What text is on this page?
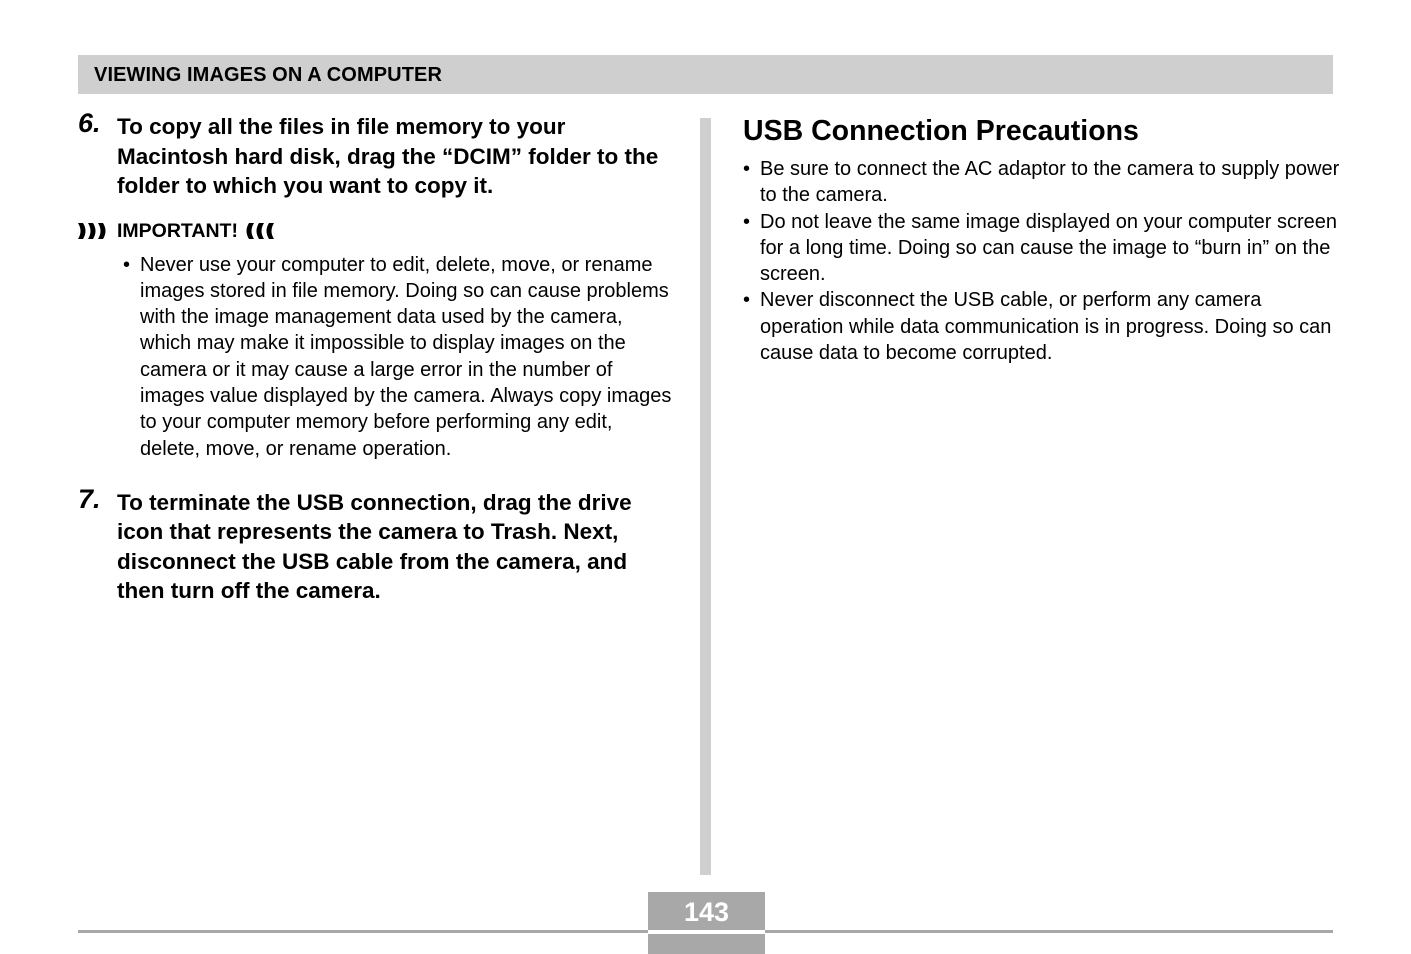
VIEWING IMAGES ON A COMPUTER
6. To copy all the files in file memory to your Macintosh hard disk, drag the “DCIM” folder to the folder to which you want to copy it.
IMPORTANT!
• Never use your computer to edit, delete, move, or rename images stored in file memory. Doing so can cause problems with the image management data used by the camera, which may make it impossible to display images on the camera or it may cause a large error in the number of images value displayed by the camera. Always copy images to your computer memory before performing any edit, delete, move, or rename operation.
7. To terminate the USB connection, drag the drive icon that represents the camera to Trash. Next, disconnect the USB cable from the camera, and then turn off the camera.
USB Connection Precautions
• Be sure to connect the AC adaptor to the camera to supply power to the camera.
• Do not leave the same image displayed on your computer screen for a long time. Doing so can cause the image to “burn in” on the screen.
• Never disconnect the USB cable, or perform any camera operation while data communication is in progress. Doing so can cause data to become corrupted.
143
